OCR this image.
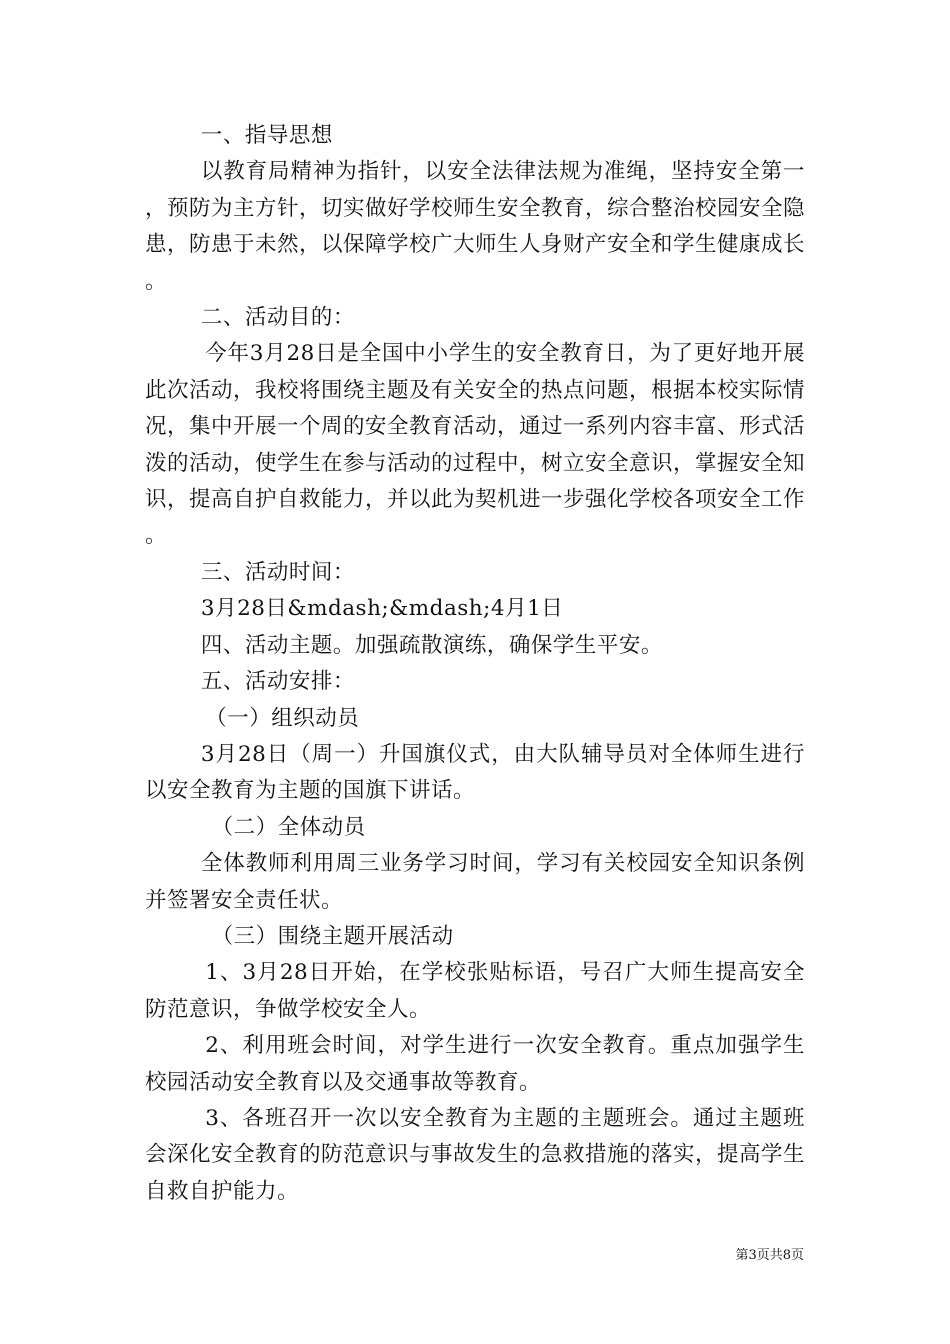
一、指导思想

以教育局精神为指针，以安全法律法规为准绳，坚持安全第一，预防为主方针，切实做好学校师生安全教育，综合整治校园安全隐患，防患于未然，以保障学校广大师生人身财产安全和学生健康成长。

二、活动目的：

今年3月28日是全国中小学生的安全教育日，为了更好地开展此次活动，我校将围绕主题及有关安全的热点问题，根据本校实际情况，集中开展一个周的安全教育活动，通过一系列内容丰富、形式活泼的活动，使学生在参与活动的过程中，树立安全意识，掌握安全知识，提高自护自救能力，并以此为契机进一步强化学校各项安全工作。

三、活动时间：

3月28日&mdash;&mdash;4月1日

四、活动主题。加强疏散演练，确保学生平安。

五、活动安排：

（一）组织动员

3月28日（周一）升国旗仪式，由大队辅导员对全体师生进行以安全教育为主题的国旗下讲话。

（二）全体动员

全体教师利用周三业务学习时间，学习有关校园安全知识条例并签署安全责任状。

（三）围绕主题开展活动

1、3月28日开始，在学校张贴标语，号召广大师生提高安全防范意识，争做学校安全人。

2、利用班会时间，对学生进行一次安全教育。重点加强学生校园活动安全教育以及交通事故等教育。

3、各班召开一次以安全教育为主题的主题班会。通过主题班会深化安全教育的防范意识与事故发生的急救措施的落实，提高学生自救自护能力。

第3页共8页
